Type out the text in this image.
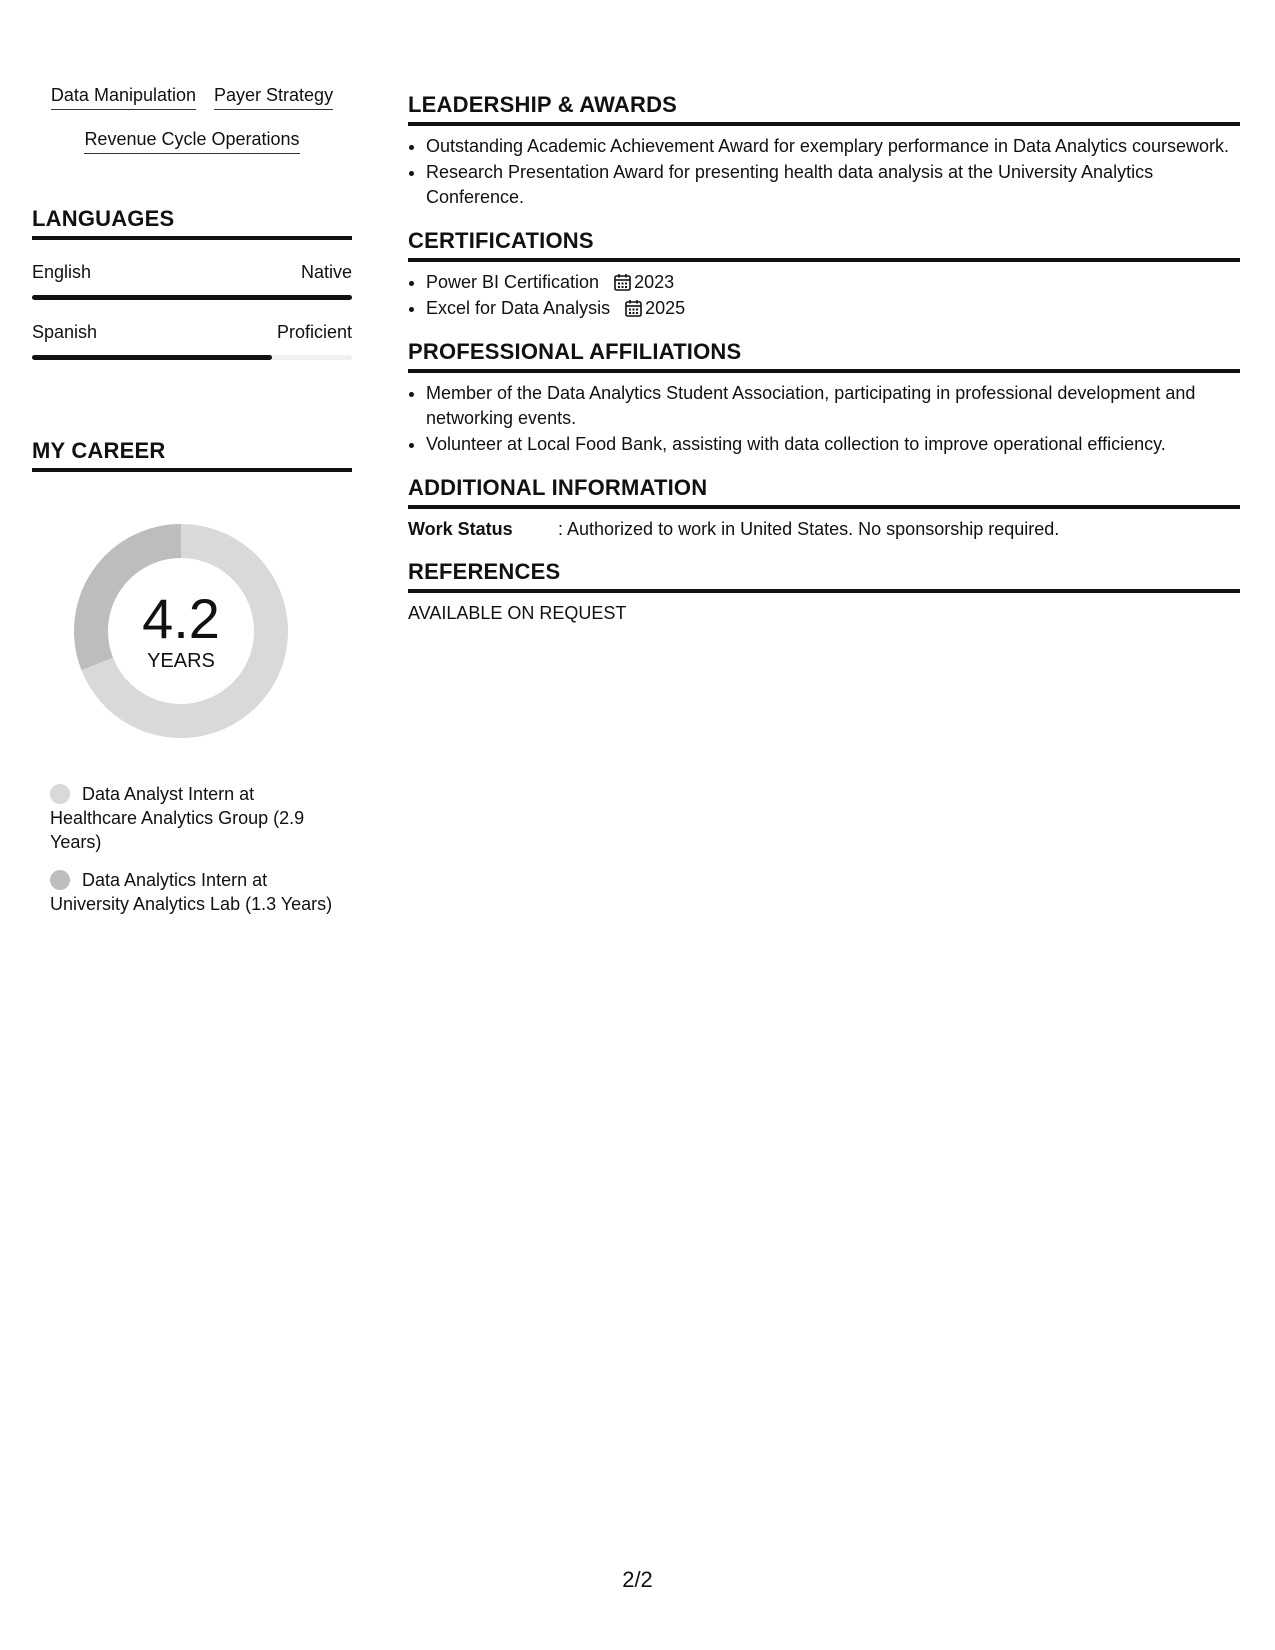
Data Manipulation Payer Strategy
Revenue Cycle Operations
LANGUAGES
English	Native
Spanish	Proficient
MY CAREER
4.2
YEARS
Data Analyst Intern at Healthcare Analytics Group (2.9 Years)
Data Analytics Intern at University Analytics Lab (1.3 Years)
LEADERSHIP & AWARDS
• Outstanding Academic Achievement Award for exemplary performance in Data Analytics coursework.
• Research Presentation Award for presenting health data analysis at the University Analytics Conference.
CERTIFICATIONS
• Power BI Certification 2023
• Excel for Data Analysis 2025
PROFESSIONAL AFFILIATIONS
• Member of the Data Analytics Student Association, participating in professional development and networking events.
• Volunteer at Local Food Bank, assisting with data collection to improve operational efficiency.
ADDITIONAL INFORMATION
Work Status	: Authorized to work in United States. No sponsorship required.
REFERENCES
AVAILABLE ON REQUEST
2/2
